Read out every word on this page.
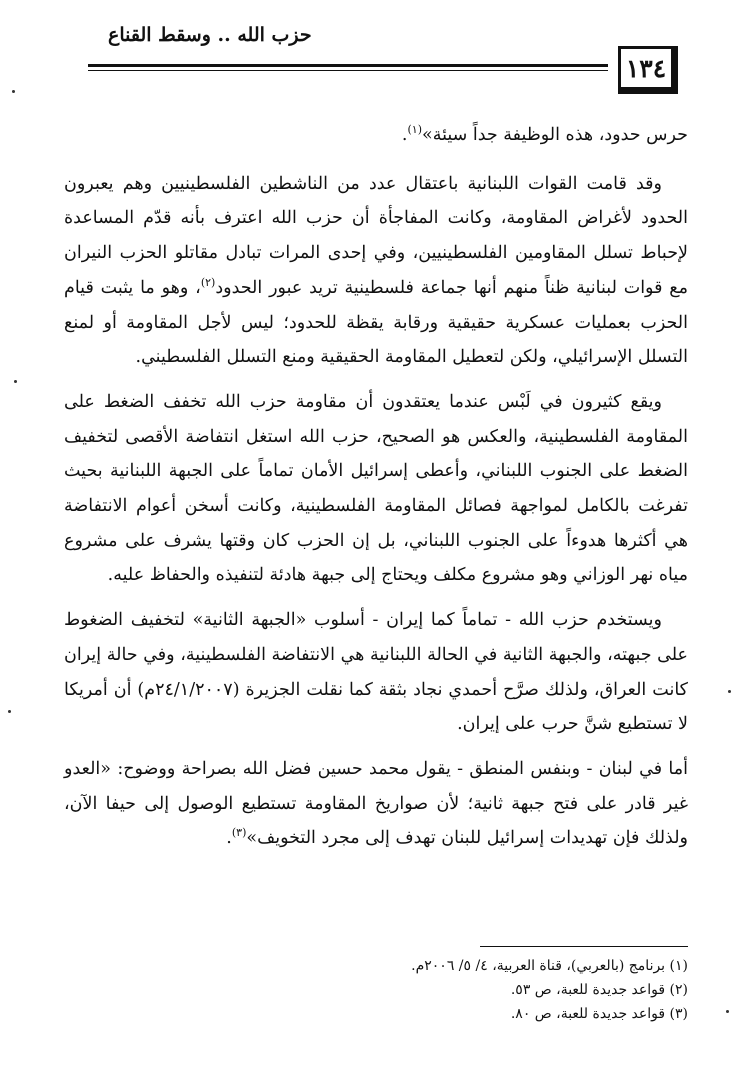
حزب الله .. وسقط القناع
١٣٤

حرس حدود، هذه الوظيفة جداً سيئة»$^{(١)}$.

وقد قامت القوات اللبنانية باعتقال عدد من الناشطين الفلسطينيين وهم يعبرون الحدود لأغراض المقاومة، وكانت المفاجأة أن حزب الله اعترف بأنه قدّم المساعدة لإحباط تسلل المقاومين الفلسطينيين، وفي إحدى المرات تبادل مقاتلو الحزب النيران مع قوات لبنانية ظناً منهم أنها جماعة فلسطينية تريد عبور الحدود$^{(٢)}$، وهو ما يثبت قيام الحزب بعمليات عسكرية حقيقية ورقابة يقظة للحدود؛ ليس لأجل المقاومة أو لمنع التسلل الإسرائيلي، ولكن لتعطيل المقاومة الحقيقية ومنع التسلل الفلسطيني.

ويقع كثيرون في لَبْس عندما يعتقدون أن مقاومة حزب الله تخفف الضغط على المقاومة الفلسطينية، والعكس هو الصحيح، حزب الله استغل انتفاضة الأقصى لتخفيف الضغط على الجنوب اللبناني، وأعطى إسرائيل الأمان تماماً على الجبهة اللبنانية بحيث تفرغت بالكامل لمواجهة فصائل المقاومة الفلسطينية، وكانت أسخن أعوام الانتفاضة هي أكثرها هدوءاً على الجنوب اللبناني، بل إن الحزب كان وقتها يشرف على مشروع مياه نهر الوزاني وهو مشروع مكلف ويحتاج إلى جبهة هادئة لتنفيذه والحفاظ عليه.

ويستخدم حزب الله - تماماً كما إيران - أسلوب «الجبهة الثانية» لتخفيف الضغوط على جبهته، والجبهة الثانية في الحالة اللبنانية هي الانتفاضة الفلسطينية، وفي حالة إيران كانت العراق، ولذلك صرَّح أحمدي نجاد بثقة كما نقلت الجزيرة (٢٤/١/٢٠٠٧م) أن أمريكا لا تستطيع شنَّ حرب على إيران.

أما في لبنان - وبنفس المنطق - يقول محمد حسين فضل الله بصراحة ووضوح: «العدو غير قادر على فتح جبهة ثانية؛ لأن صواريخ المقاومة تستطيع الوصول إلى حيفا الآن، ولذلك فإن تهديدات إسرائيل للبنان تهدف إلى مجرد التخويف»$^{(٣)}$.

(١) برنامج (بالعربي)، قناة العربية، ٤/ ٥/ ٢٠٠٦م.

(٢) قواعد جديدة للعبة، ص ٥٣.

(٣) قواعد جديدة للعبة، ص ٨٠.
